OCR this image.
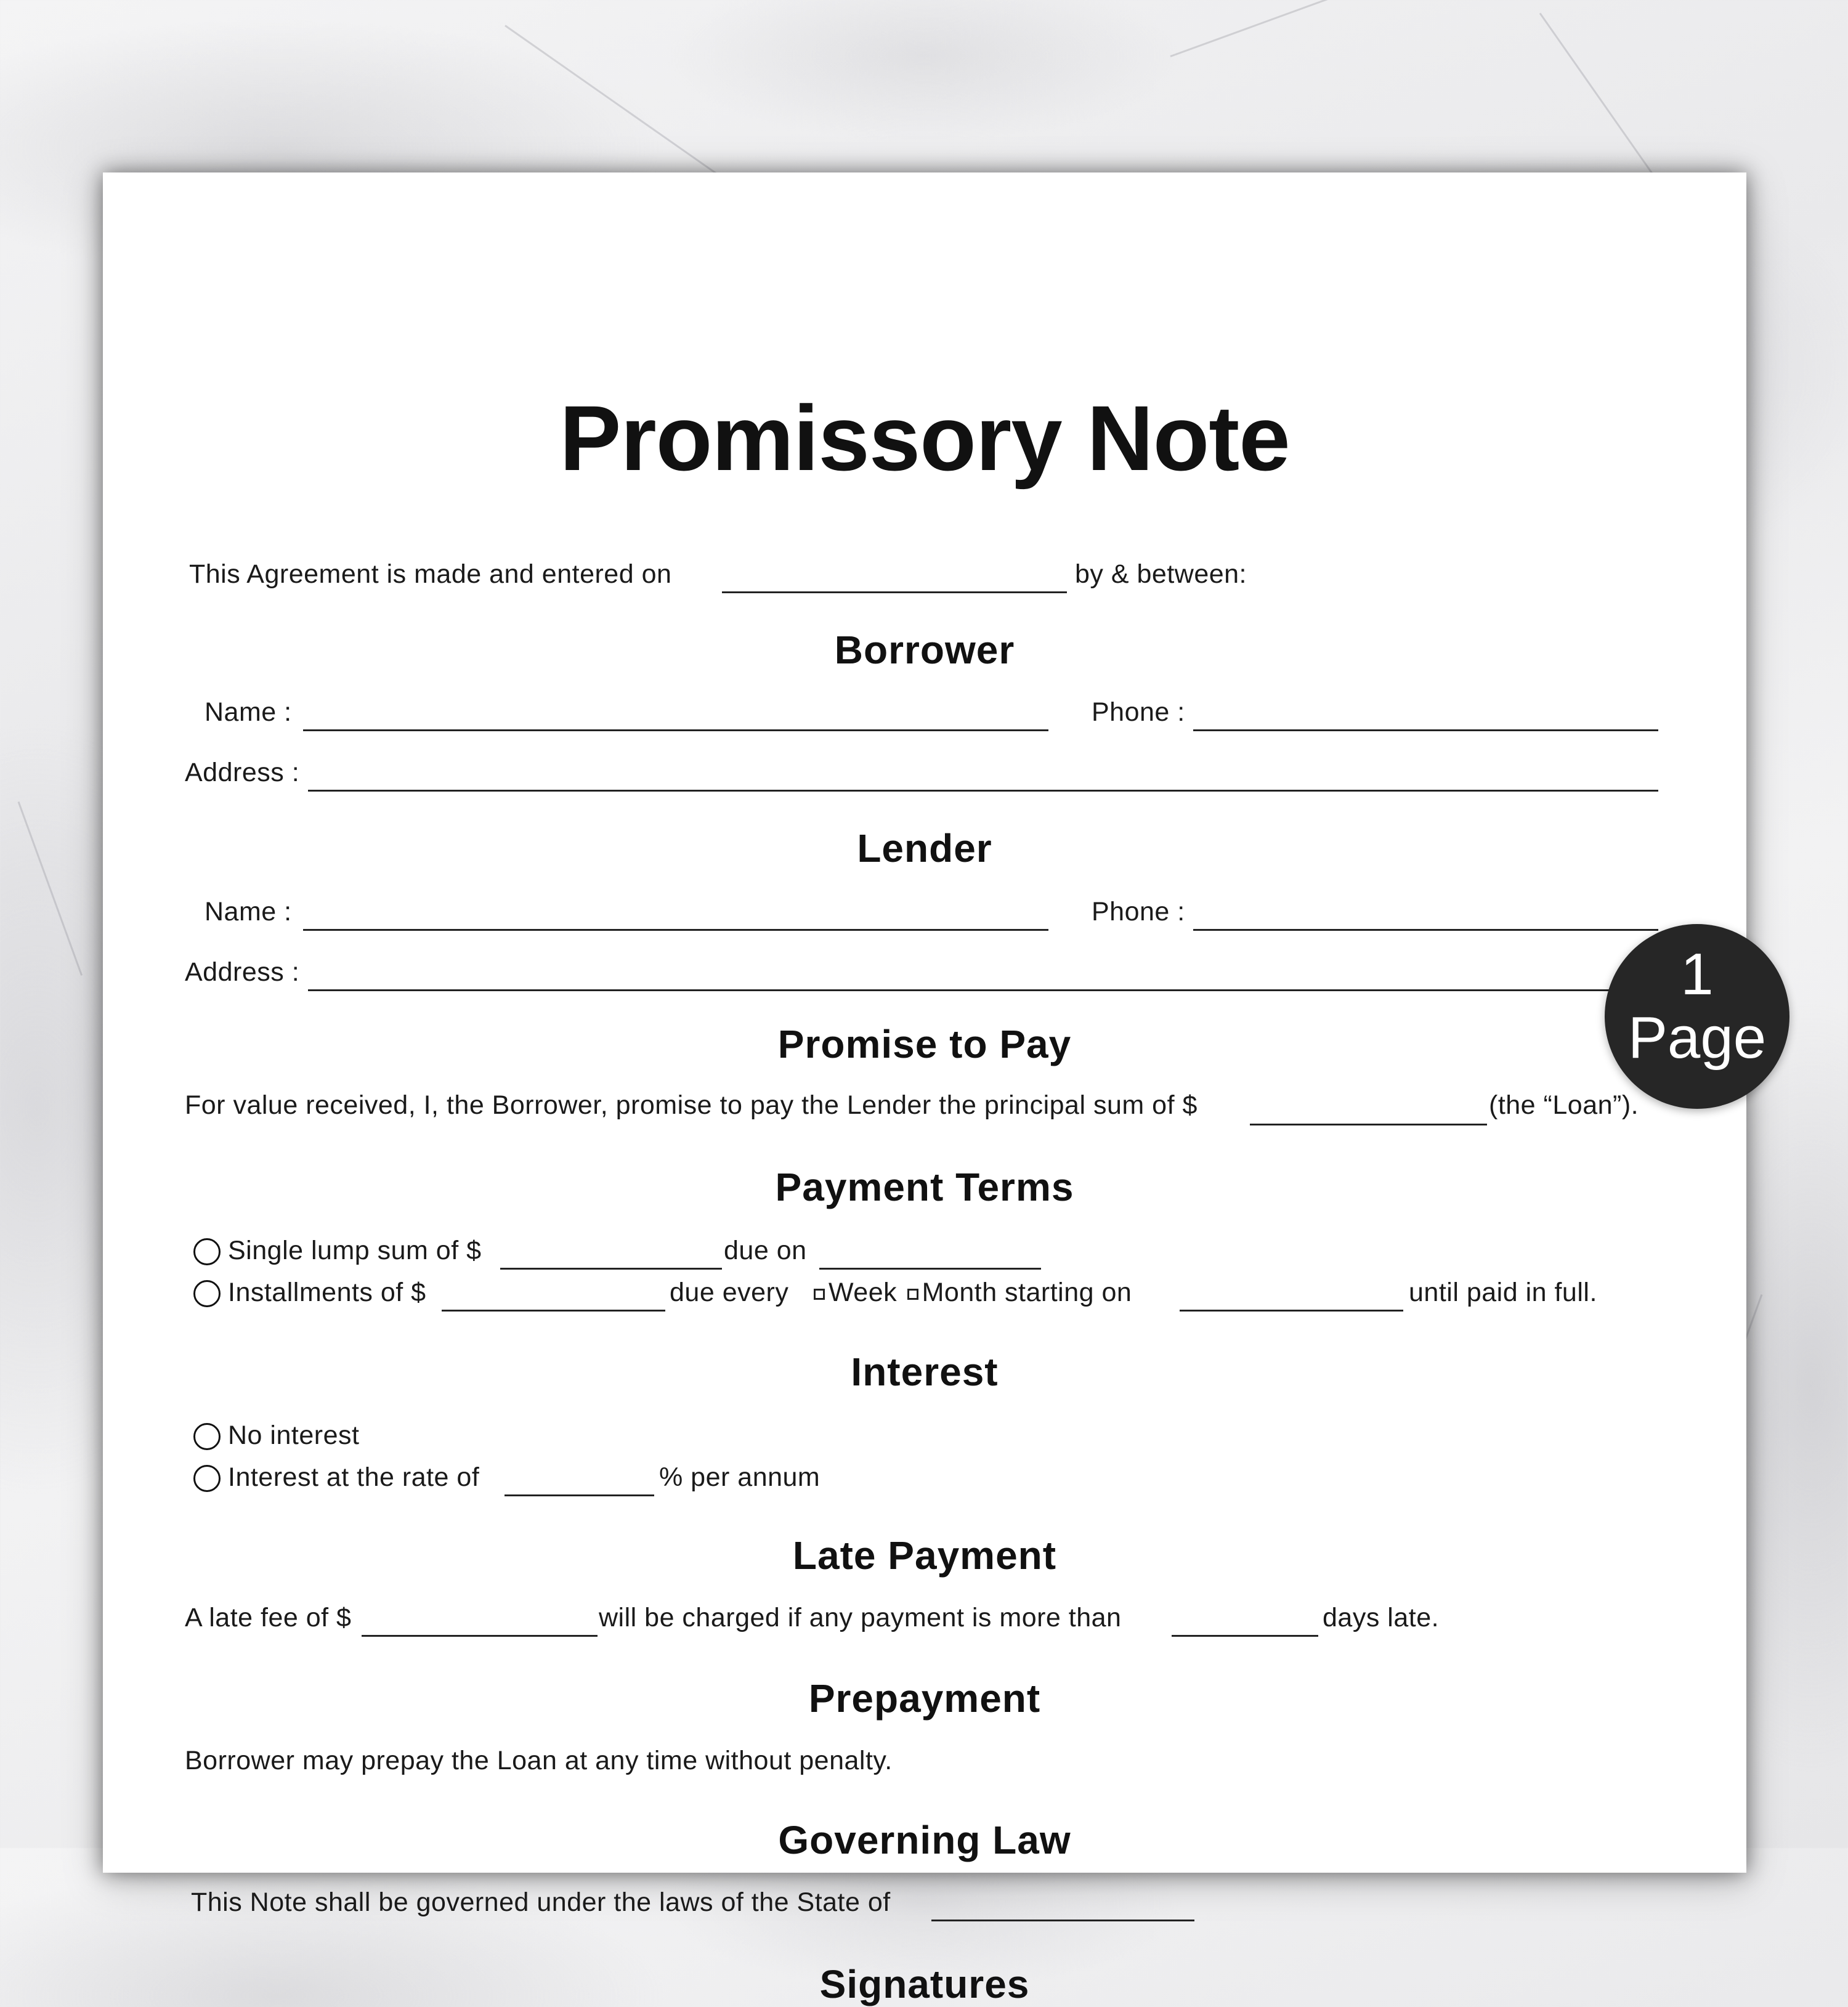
Promissory Note
This Agreement is made and entered on	by & between:
Borrower
Name :	Phone :
Address :
Lender
Name :	Phone :
Address :
Promise to Pay
For value received, I, the Borrower, promise to pay the Lender the principal sum of $	(the “Loan”).
Payment Terms
Single lump sum of $	due on
Installments of $	due every	Week Month starting on	until paid in full.
Interest
No interest
Interest at the rate of	% per annum
Late Payment
A late fee of $	will be charged if any payment is more than	days late.
Prepayment
Borrower may prepay the Loan at any time without penalty.
Governing Law
This Note shall be governed under the laws of the State of
Signatures
1
Page
